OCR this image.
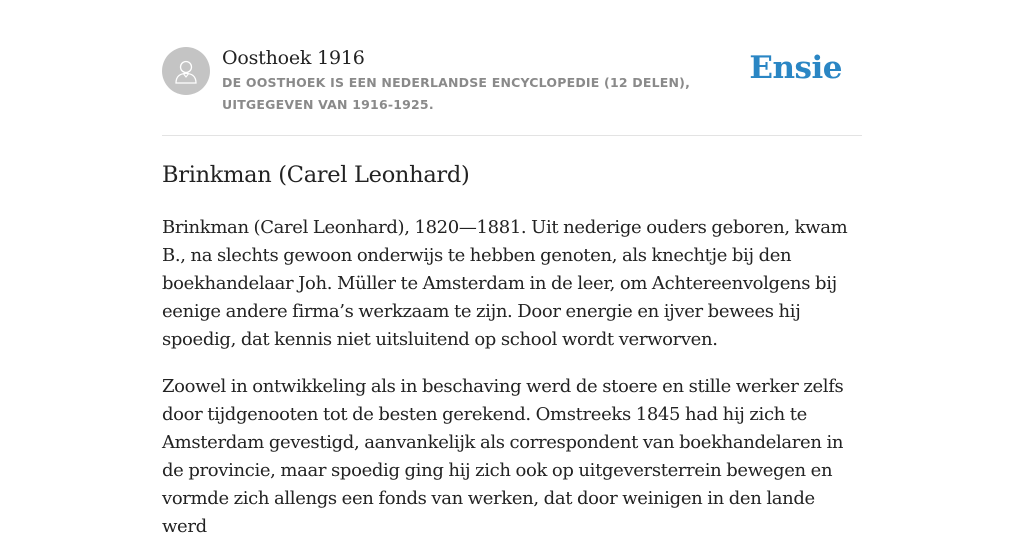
Oosthoek 1916
DE OOSTHOEK IS EEN NEDERLANDSE ENCYCLOPEDIE (12 DELEN), UITGEGEVEN VAN 1916-1925.
Ensie
Brinkman (Carel Leonhard)

Brinkman (Carel Leonhard), 1820—1881. Uit nederige ouders geboren, kwam B., na slechts gewoon onderwijs te hebben genoten, als knechtje bij den boekhandelaar Joh. Müller te Amsterdam in de leer, om Achtereenvolgens bij eenige andere firma’s werkzaam te zijn. Door energie en ijver bewees hij spoedig, dat kennis niet uitsluitend op school wordt verworven.

Zoowel in ontwikkeling als in beschaving werd de stoere en stille werker zelfs door tijdgenooten tot de besten gerekend. Omstreeks 1845 had hij zich te Amsterdam gevestigd, aanvankelijk als correspondent van boekhandelaren in de provincie, maar spoedig ging hij zich ook op uitgeversterrein bewegen en vormde zich allengs een fonds van werken, dat door weinigen in den lande werd
